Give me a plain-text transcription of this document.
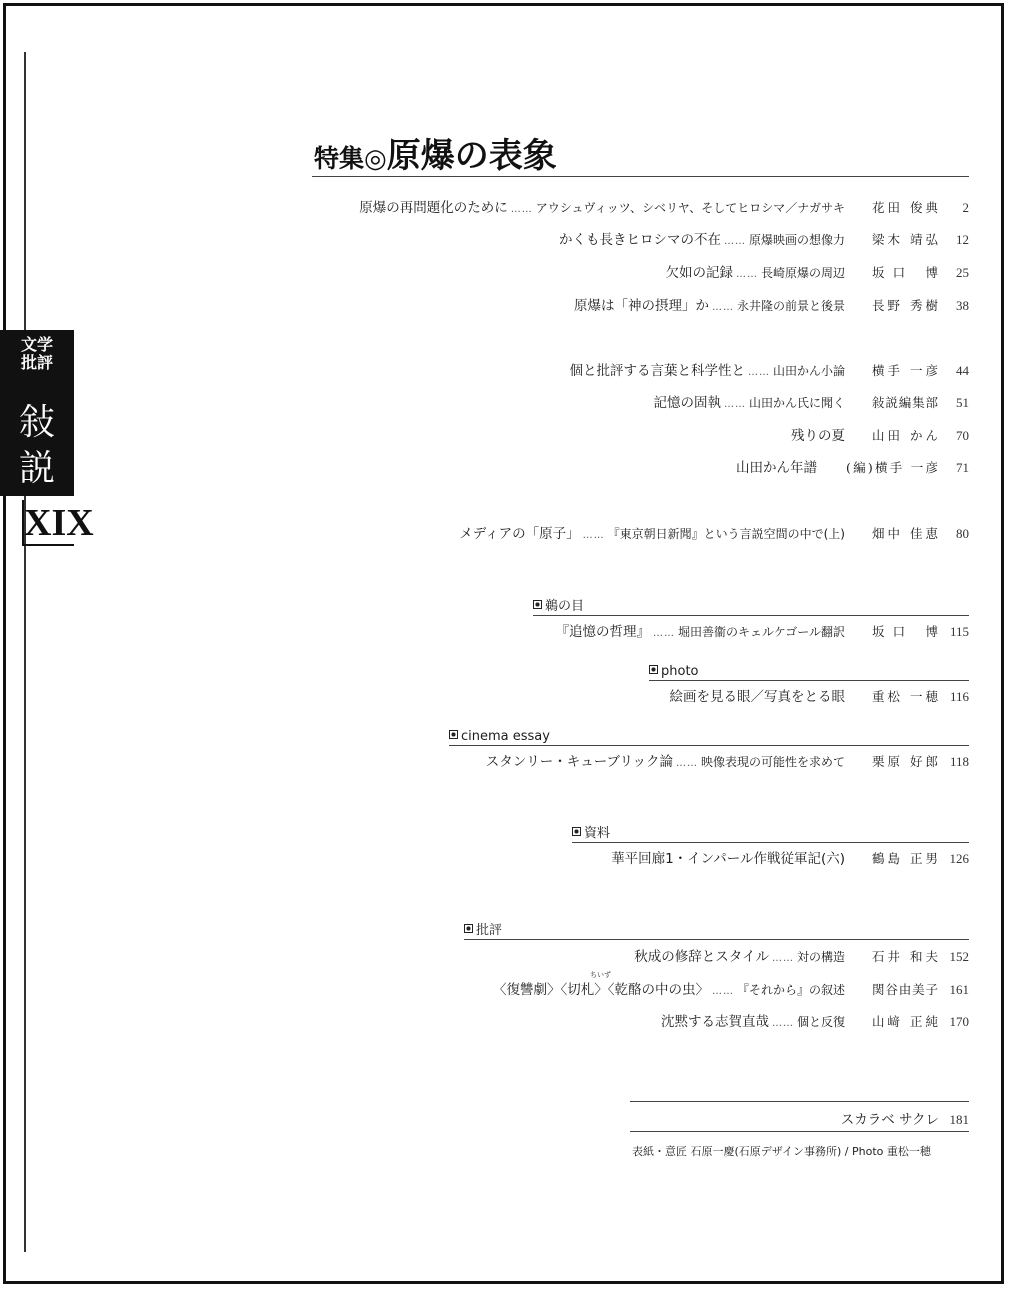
文学
批評
敍
説
XIX
特集◎原爆の表象
原爆の再問題化のために …… アウシュヴィッツ、シベリヤ、そしてヒロシマ／ナガサキ 花田 俊典 2
かくも長きヒロシマの不在 …… 原爆映画の想像力 梁木 靖弘 12
欠如の記録 …… 長崎原爆の周辺 坂口 博 25
原爆は「神の摂理」か …… 永井隆の前景と後景 長野 秀樹 38
個と批評する言葉と科学性と …… 山田かん小論 横手 一彦 44
記憶の固執 …… 山田かん氏に聞く 敍説編集部 51
残りの夏 山田 かん 70
山田かん年譜 (編)横手 一彦 71
メディアの「原子」 …… 『東京朝日新聞』という言説空間の中で(上) 畑中 佳恵 80
鵜の目
『追憶の哲理』 …… 堀田善衞のキェルケゴール翻訳 坂口 博 115
photo
絵画を見る眼／写真をとる眼 重松 一穂 116
cinema essay
スタンリー・キューブリック論 …… 映像表現の可能性を求めて 栗原 好郎 118
資料
華平回廊1・インパール作戦従軍記(六) 鶴島 正男 126
批評
秋成の修辞とスタイル …… 対の構造 石井 和夫 152
ちいず
〈復讐劇〉〈切札〉〈乾酪の中の虫〉 …… 『それから』の叙述 関谷由美子 161
沈黙する志賀直哉 …… 個と反復 山﨑 正純 170
スカラベ サクレ 181
表紙・意匠 石原一慶(石原デザイン事務所) / Photo 重松一穂
